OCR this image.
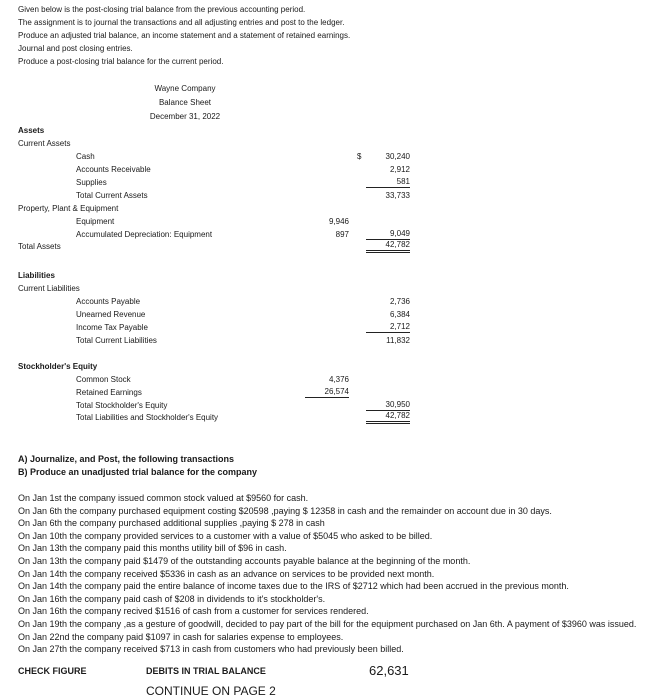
Given below is the post-closing trial balance from the previous accounting period.
The assignment is to journal the transactions and all adjusting entries and post to the ledger.
Produce an adjusted trial balance, an income statement and a statement of retained earnings.
Journal and post closing entries.
Produce a post-closing trial balance for the current period.
Wayne Company
Balance Sheet
December 31, 2022
Assets
Current Assets
Cash	$	30,240
Accounts Receivable	2,912
Supplies	581
Total Current Assets	33,733
Property, Plant & Equipment
Equipment	9,946
Accumulated Depreciation: Equipment	897	9,049
Total Assets	42,782
Liabilities
Current Liabilities
Accounts Payable	2,736
Unearned Revenue	6,384
Income Tax Payable	2,712
Total Current Liabilities	11,832
Stockholder's Equity
Common Stock	4,376
Retained Earnings	26,574
Total Stockholder's Equity	30,950
Total Liabilities and Stockholder's Equity	42,782
A) Journalize, and Post, the following transactions
B) Produce an unadjusted trial balance for the company
On Jan 1st the company issued common stock valued at $9560 for cash.
On Jan 6th the company purchased equipment costing $20598 ,paying $ 12358 in cash and the remainder on account due in 30 days.
On Jan 6th the company purchased additional supplies ,paying $ 278 in cash
On Jan 10th the company provided services to a customer with a value of $5045 who asked to be billed.
On Jan 13th the company paid this months utility bill of $96 in cash.
On Jan 13th the company paid $1479 of the outstanding accounts payable balance at the beginning of the month.
On Jan 14th the company received $5336 in cash as an advance on services to be provided next month.
On Jan 14th the company paid the entire balance of income taxes due to the IRS of $2712 which had been accrued in the previous month.
On Jan 16th the company paid cash of $208 in dividends to it's stockholder's.
On Jan 16th the company recived $1516 of cash from a customer for services rendered.
On Jan 19th the company ,as a gesture of goodwill, decided to pay part of the bill for the equipment purchased on Jan 6th. A payment of $3960 was issued.
On Jan 22nd the company paid $1097 in cash for salaries expense to employees.
On Jan 27th the company received $713 in cash from customers who had previously been billed.
CHECK FIGURE	DEBITS IN TRIAL BALANCE	62,631
CONTINUE ON PAGE 2
